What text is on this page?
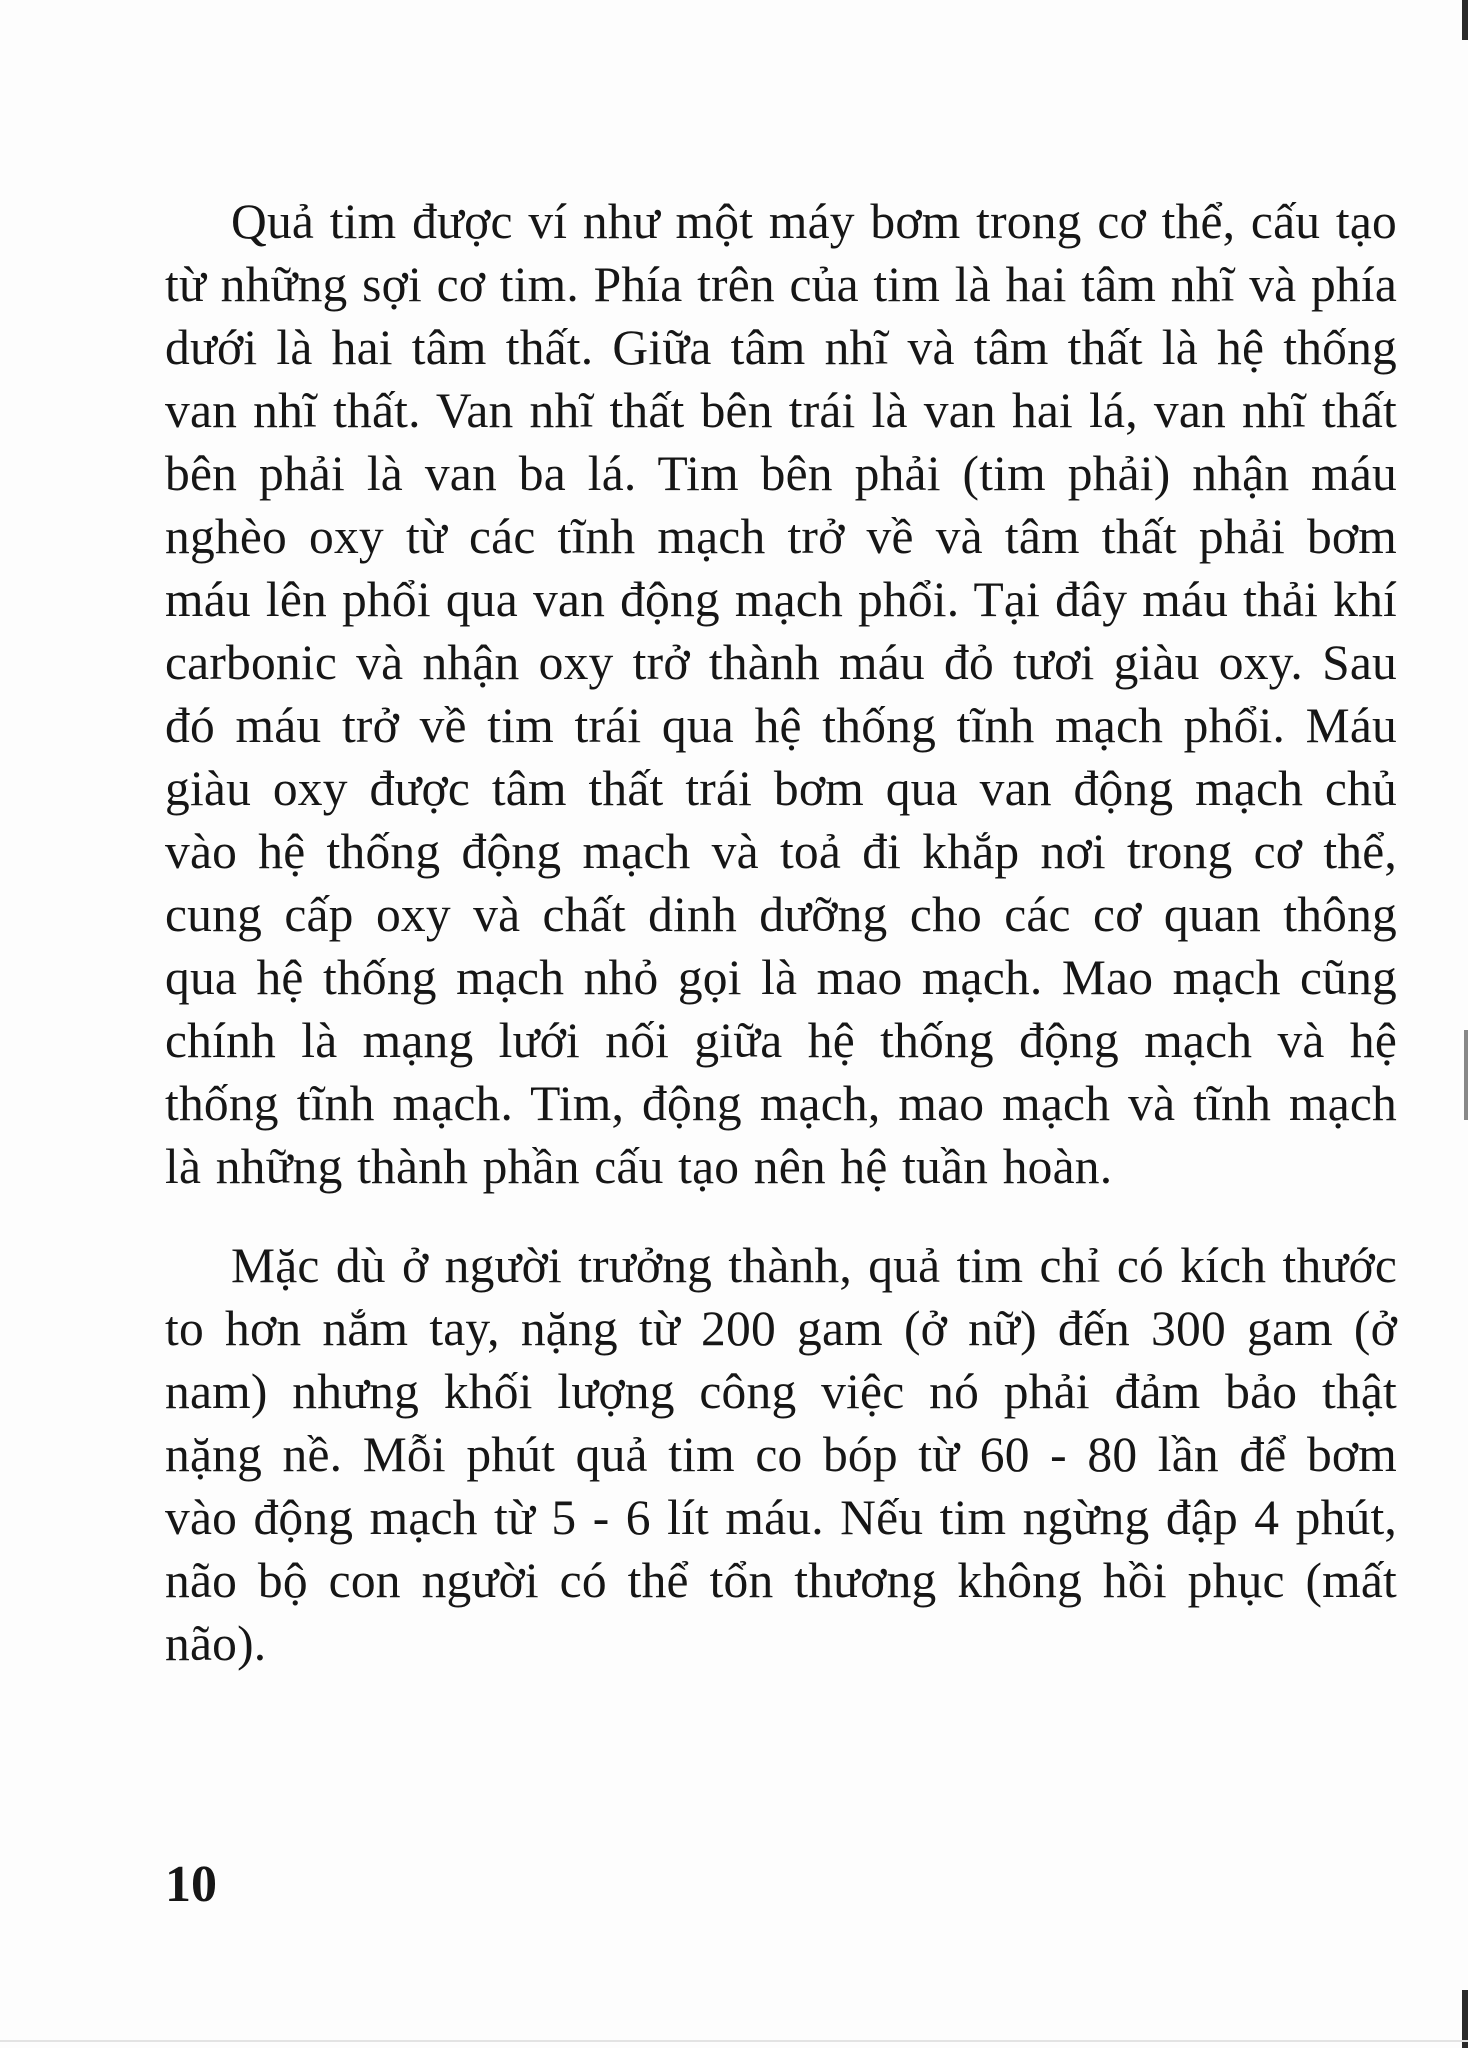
Quả tim được ví như một máy bơm trong cơ thể, cấu tạo từ những sợi cơ tim. Phía trên của tim là hai tâm nhĩ và phía dưới là hai tâm thất. Giữa tâm nhĩ và tâm thất là hệ thống van nhĩ thất. Van nhĩ thất bên trái là van hai lá, van nhĩ thất bên phải là van ba lá. Tim bên phải (tim phải) nhận máu nghèo oxy từ các tĩnh mạch trở về và tâm thất phải bơm máu lên phổi qua van động mạch phổi. Tại đây máu thải khí carbonic và nhận oxy trở thành máu đỏ tươi giàu oxy. Sau đó máu trở về tim trái qua hệ thống tĩnh mạch phổi. Máu giàu oxy được tâm thất trái bơm qua van động mạch chủ vào hệ thống động mạch và toả đi khắp nơi trong cơ thể, cung cấp oxy và chất dinh dưỡng cho các cơ quan thông qua hệ thống mạch nhỏ gọi là mao mạch. Mao mạch cũng chính là mạng lưới nối giữa hệ thống động mạch và hệ thống tĩnh mạch. Tim, động mạch, mao mạch và tĩnh mạch là những thành phần cấu tạo nên hệ tuần hoàn.

Mặc dù ở người trưởng thành, quả tim chỉ có kích thước to hơn nắm tay, nặng từ 200 gam (ở nữ) đến 300 gam (ở nam) nhưng khối lượng công việc nó phải đảm bảo thật nặng nề. Mỗi phút quả tim co bóp từ 60 - 80 lần để bơm vào động mạch từ 5 - 6 lít máu. Nếu tim ngừng đập 4 phút, não bộ con người có thể tổn thương không hồi phục (mất não).

10
